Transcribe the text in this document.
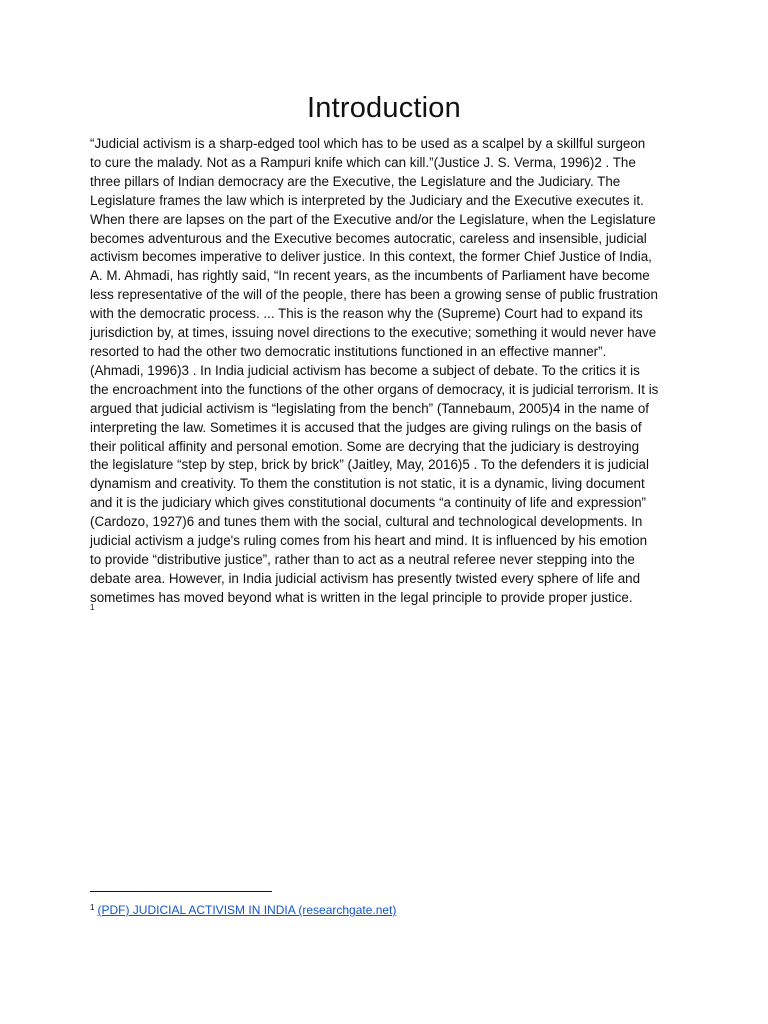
Introduction

“Judicial activism is a sharp-edged tool which has to be used as a scalpel by a skillful surgeon
to cure the malady. Not as a Rampuri knife which can kill.”(Justice J. S. Verma, 1996)2 . The
three pillars of Indian democracy are the Executive, the Legislature and the Judiciary. The
Legislature frames the law which is interpreted by the Judiciary and the Executive executes it.
When there are lapses on the part of the Executive and/or the Legislature, when the Legislature
becomes adventurous and the Executive becomes autocratic, careless and insensible, judicial
activism becomes imperative to deliver justice. In this context, the former Chief Justice of India,
A. M. Ahmadi, has rightly said, “In recent years, as the incumbents of Parliament have become
less representative of the will of the people, there has been a growing sense of public frustration
with the democratic process. ... This is the reason why the (Supreme) Court had to expand its
jurisdiction by, at times, issuing novel directions to the executive; something it would never have
resorted to had the other two democratic institutions functioned in an effective manner”.
(Ahmadi, 1996)3 . In India judicial activism has become a subject of debate. To the critics it is
the encroachment into the functions of the other organs of democracy, it is judicial terrorism. It is
argued that judicial activism is “legislating from the bench” (Tannebaum, 2005)4 in the name of
interpreting the law. Sometimes it is accused that the judges are giving rulings on the basis of
their political affinity and personal emotion. Some are decrying that the judiciary is destroying
the legislature “step by step, brick by brick” (Jaitley, May, 2016)5 . To the defenders it is judicial
dynamism and creativity. To them the constitution is not static, it is a dynamic, living document
and it is the judiciary which gives constitutional documents “a continuity of life and expression”
(Cardozo, 1927)6 and tunes them with the social, cultural and technological developments. In
judicial activism a judge's ruling comes from his heart and mind. It is influenced by his emotion
to provide “distributive justice”, rather than to act as a neutral referee never stepping into the
debate area. However, in India judicial activism has presently twisted every sphere of life and
sometimes has moved beyond what is written in the legal principle to provide proper justice.

1
$^1$ (PDF) JUDICIAL ACTIVISM IN INDIA (researchgate.net)
